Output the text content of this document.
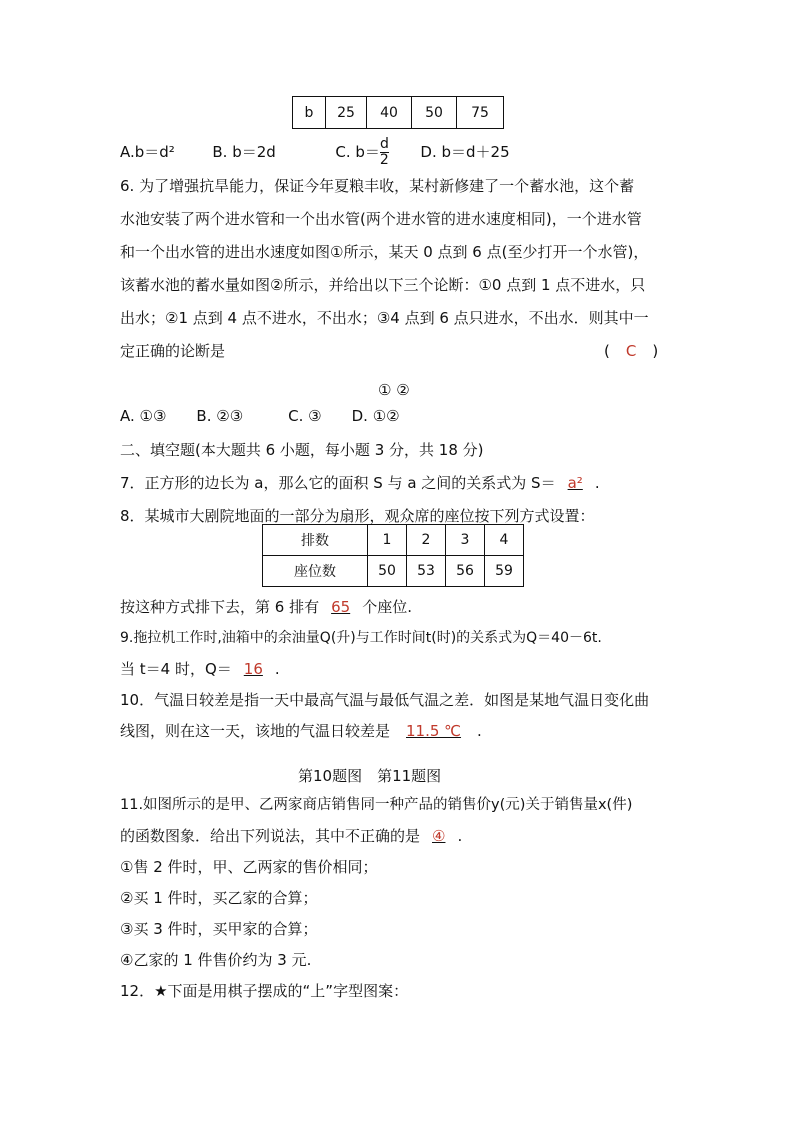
b	25	40	50	75
A.b＝d²	B. b＝2d	C. $b= \frac{d}{2} D$. b＝d＋25
6. 为了增强抗旱能力，保证今年夏粮丰收，某村新修建了一个蓄水池，这个蓄
水池安装了两个进水管和一个出水管(两个进水管的进水速度相同)，一个进水管
和一个出水管的进出水速度如图①所示，某天 0 点到 6 点(至少打开一个水管)，
该蓄水池的蓄水量如图②所示，并给出以下三个论断：①0 点到 1 点不进水，只
出水；②1 点到 4 点不进水，不出水；③4 点到 6 点只进水，不出水．则其中一
定正确的论断是	( C )
① ②
A. ①③　　B. ②③　　　C. ③　　D. ①②
二、填空题(本大题共 6 小题，每小题 3 分，共 18 分)
7．正方形的边长为 a，那么它的面积 S 与 a 之间的关系式为 S＝ a² .
8．某城市大剧院地面的一部分为扇形，观众席的座位按下列方式设置：
排数	1	2	3	4
座位数	50	53	56	59
按这种方式排下去，第 6 排有 65 个座位.
9.拖拉机工作时,油箱中的余油量Q(升)与工作时间t(时)的关系式为Q＝40－6t.
当 t＝4 时，Q＝ 16 .
10．气温日较差是指一天中最高气温与最低气温之差．如图是某地气温日变化曲
线图，则在这一天，该地的气温日较差是 11.5 ℃ .
第10题图　第11题图
11.如图所示的是甲、乙两家商店销售同一种产品的销售价y(元)关于销售量x(件)
的函数图象．给出下列说法，其中不正确的是 ④ .
①售 2 件时，甲、乙两家的售价相同；
②买 1 件时，买乙家的合算；
③买 3 件时，买甲家的合算；
④乙家的 1 件售价约为 3 元.
12．★下面是用棋子摆成的“上”字型图案：
